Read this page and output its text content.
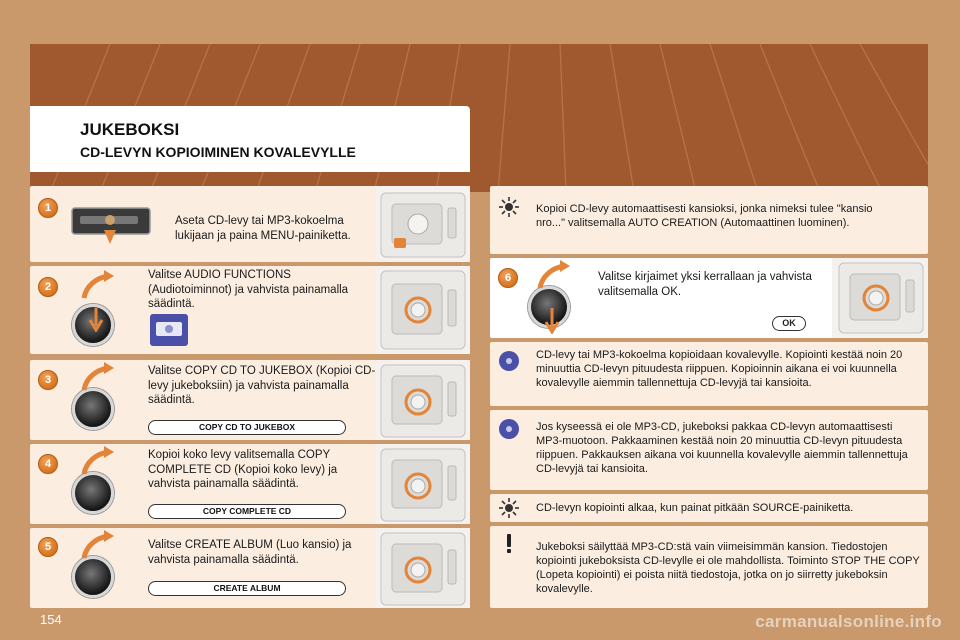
JUKEBOKSI
CD-LEVYN KOPIOIMINEN KOVALEVYLLE
1
Aseta CD-levy tai MP3-kokoelma lukijaan ja paina MENU-painiketta.
2
Valitse AUDIO FUNCTIONS (Audiotoiminnot) ja vahvista painamalla säädintä.
3
Valitse COPY CD TO JUKEBOX (Kopioi CD-levy jukeboksiin) ja vahvista painamalla säädintä.
COPY CD TO JUKEBOX
4
Kopioi koko levy valitsemalla COPY COMPLETE CD (Kopioi koko levy) ja vahvista painamalla säädintä.
COPY COMPLETE CD
5	Valitse CREATE ALBUM (Luo kansio) ja vahvista painamalla säädintä.
CREATE ALBUM
Kopioi CD-levy automaattisesti kansioksi, jonka nimeksi tulee "kansio nro..." valitsemalla AUTO CREATION (Automaattinen luominen).
6	Valitse kirjaimet yksi kerrallaan ja vahvista valitsemalla OK.
OK
CD-levy tai MP3-kokoelma kopioidaan kovalevylle. Kopiointi kestää noin 20 minuuttia CD-levyn pituudesta riippuen. Kopioinnin aikana ei voi kuunnella kovalevylle aiemmin tallennettuja CD-levyjä tai kansioita.
Jos kyseessä ei ole MP3-CD, jukeboksi pakkaa CD-levyn automaattisesti MP3-muotoon. Pakkaaminen kestää noin 20 minuuttia CD-levyn pituudesta riippuen. Pakkauksen aikana voi kuunnella kovalevylle aiemmin tallennettuja CD-levyjä tai kansioita.
CD-levyn kopiointi alkaa, kun painat pitkään SOURCE-painiketta.
Jukeboksi säilyttää MP3-CD:stä vain viimeisimmän kansion. Tiedostojen kopiointi jukeboksista CD-levylle ei ole mahdollista. Toiminto STOP THE COPY (Lopeta kopiointi) ei poista niitä tiedostoja, jotka on jo siirretty jukeboksin kovalevylle.
154	carmanualsonline.info
